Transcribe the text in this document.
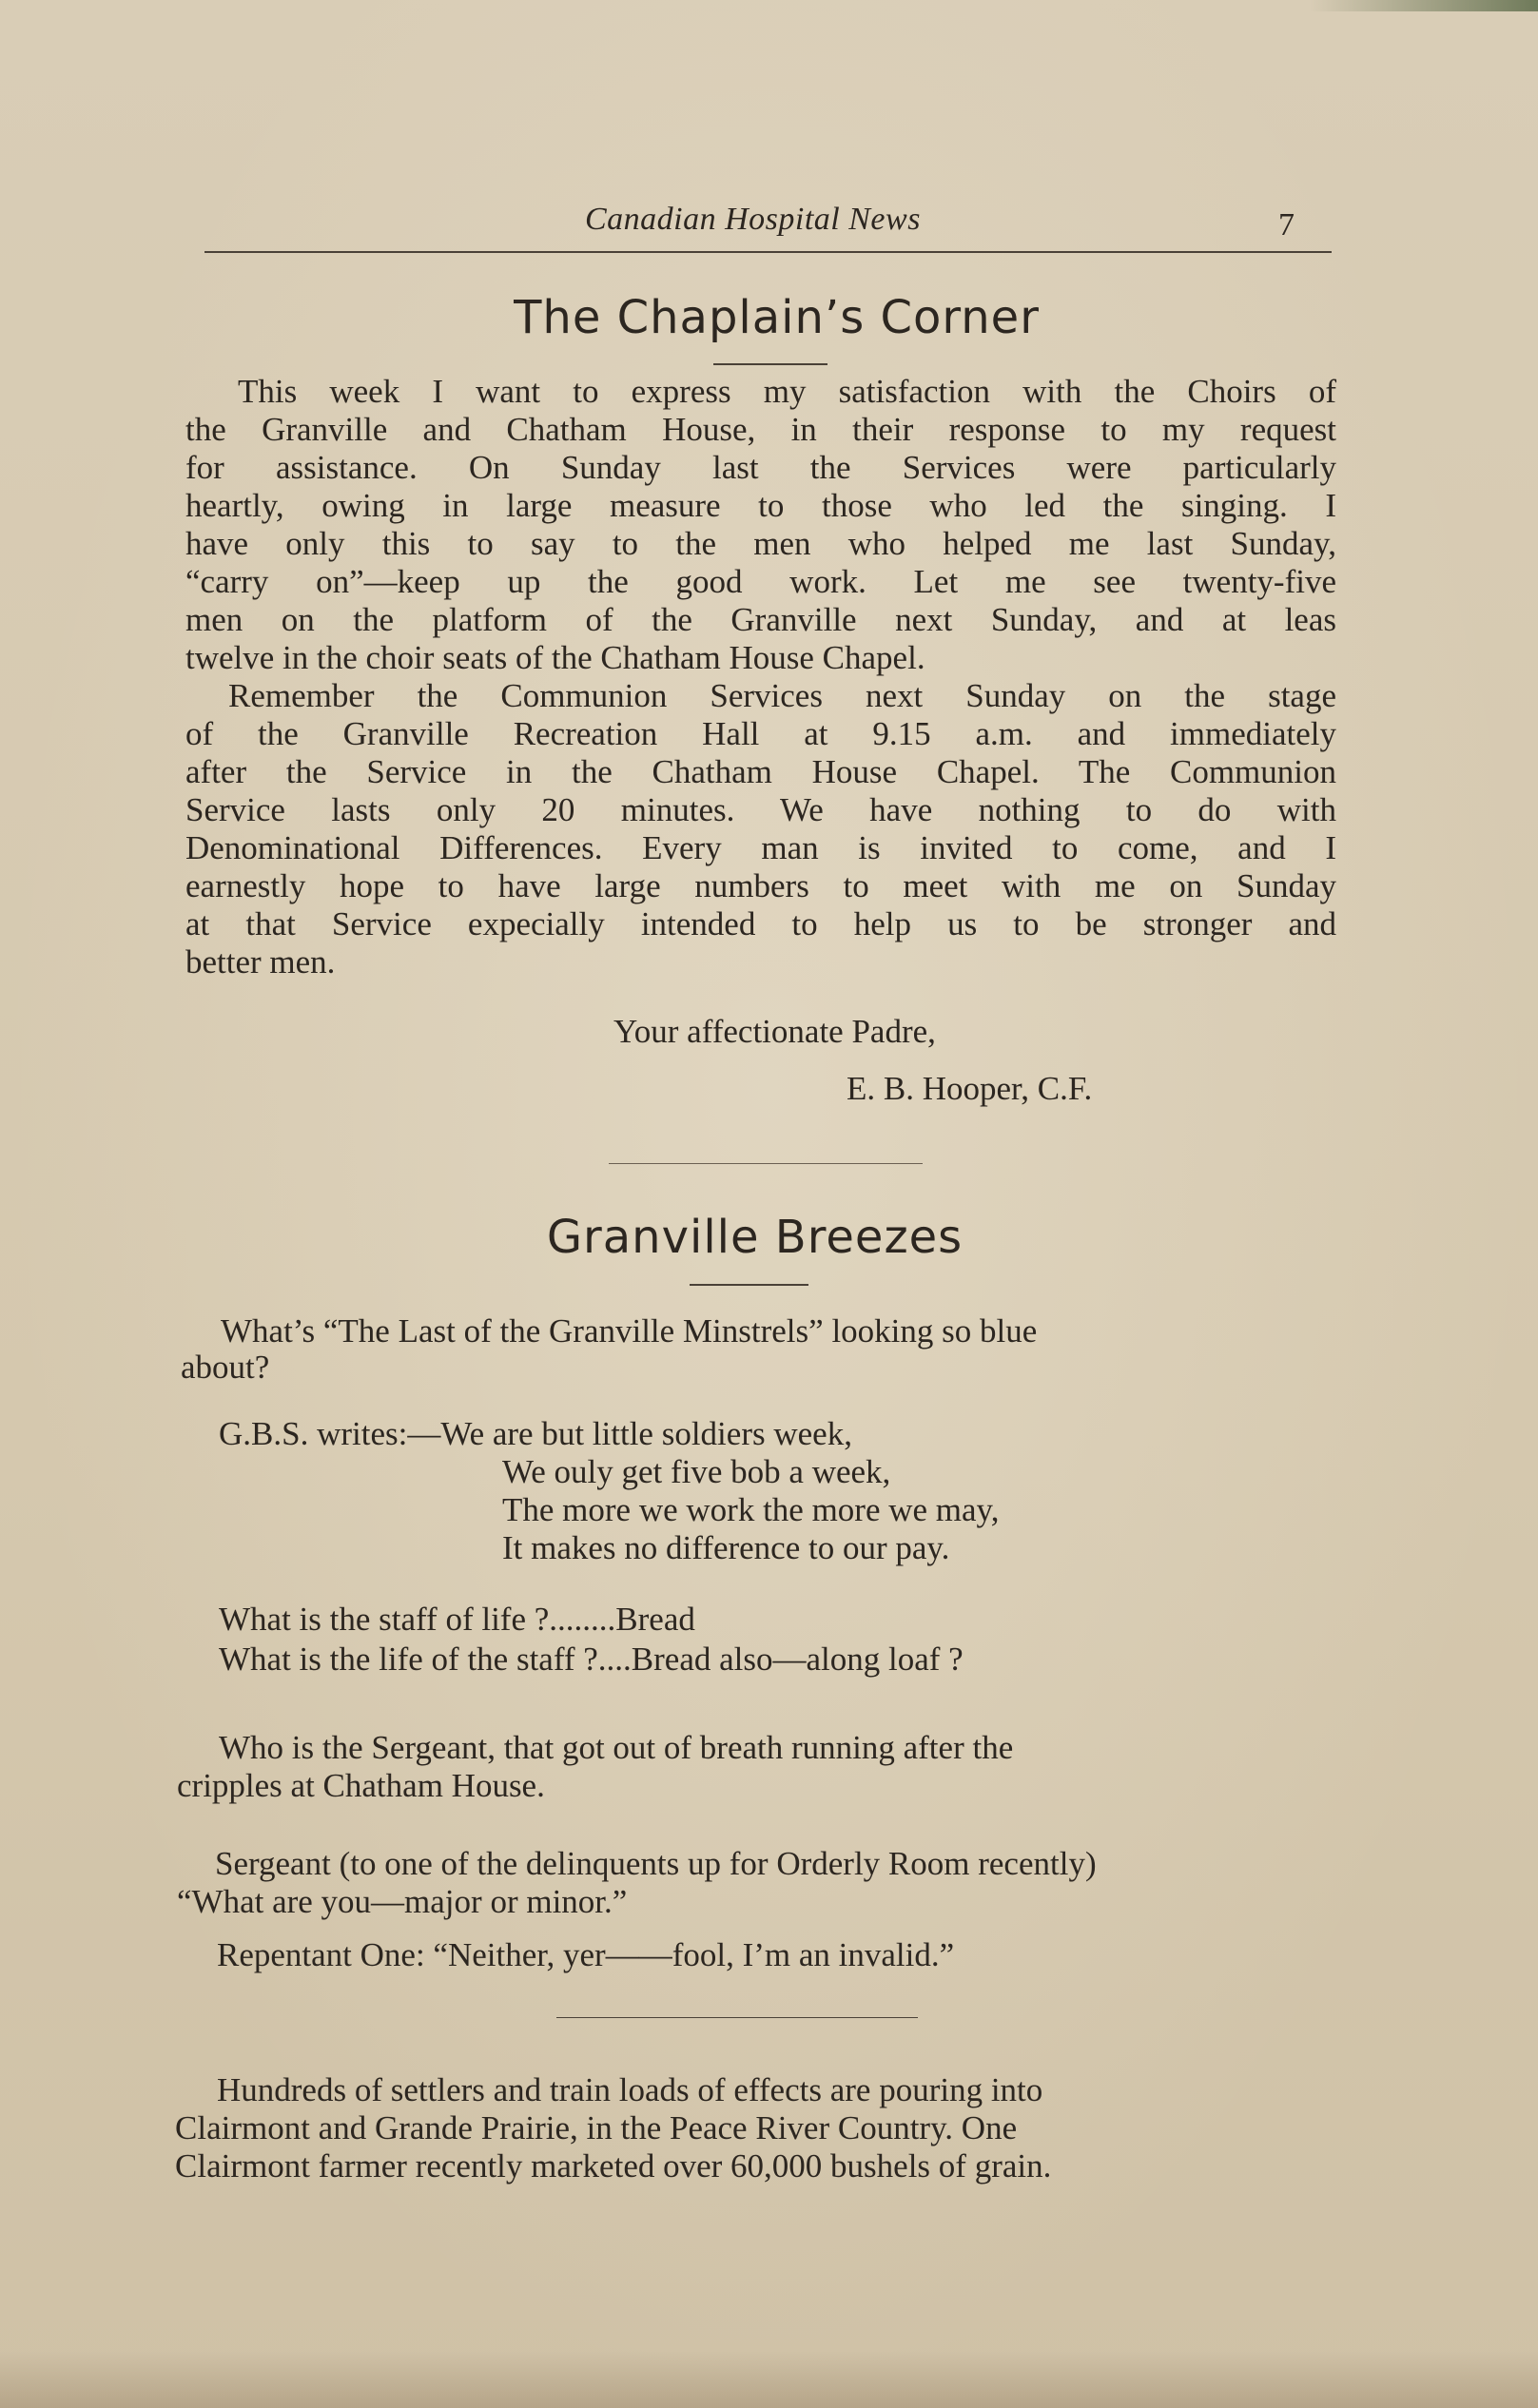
Canadian Hospital News	7
The Chaplain’s Corner
This week I want to express my satisfaction with the Choirs of
the Granville and Chatham House, in their response to my request
for assistance. On Sunday last the Services were particularly
heartly, owing in large measure to those who led the singing. I
have only this to say to the men who helped me last Sunday,
“carry on”—keep up the good work. Let me see twenty-five
men on the platform of the Granville next Sunday, and at leas
twelve in the choir seats of the Chatham House Chapel.
Remember the Communion Services next Sunday on the stage
of the Granville Recreation Hall at 9.15 a.m. and immediately
after the Service in the Chatham House Chapel. The Communion
Service lasts only 20 minutes. We have nothing to do with
Denominational Differences. Every man is invited to come, and I
earnestly hope to have large numbers to meet with me on Sunday
at that Service expecially intended to help us to be stronger and
better men.
Your affectionate Padre,
E. B. Hooper, C.F.
Granville Breezes
What’s “The Last of the Granville Minstrels” looking so blue
about?
G.B.S. writes:—We are but little soldiers week,
We ouly get five bob a week,
The more we work the more we may,
It makes no difference to our pay.
What is the staff of life ?........Bread
What is the life of the staff ?....Bread also—along loaf ?
Who is the Sergeant, that got out of breath running after the
cripples at Chatham House.
Sergeant (to one of the delinquents up for Orderly Room recently)
“What are you—major or minor.”
Repentant One: “Neither, yer——fool, I’m an invalid.”
Hundreds of settlers and train loads of effects are pouring into
Clairmont and Grande Prairie, in the Peace River Country. One
Clairmont farmer recently marketed over 60,000 bushels of grain.
